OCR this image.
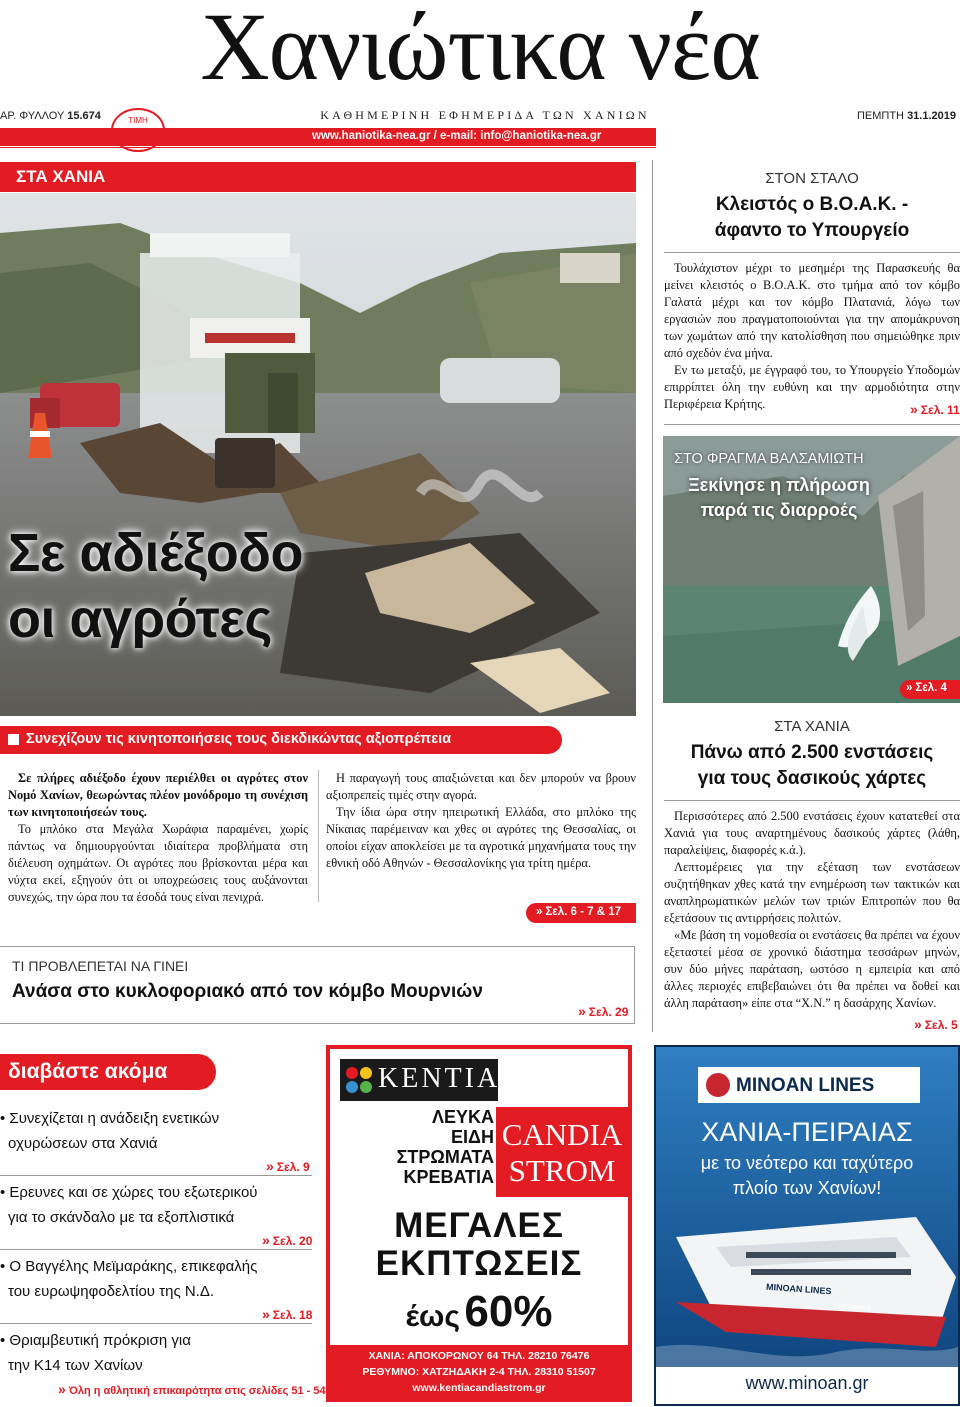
Χανιώτικα νέα
ΑΡ. ΦΥΛΛΟΥ 15.674	ΤΙΜΗ	ΚΑΘΗΜΕΡΙΝΗ ΕΦΗΜΕΡΙΔΑ ΤΩΝ ΧΑΝΙΩΝ	ΠΕΜΠΤΗ 31.1.2019
www.haniotika-nea.gr / e-mail: info@haniotika-nea.gr
ΣΤΑ ΧΑΝΙΑ
Σε αδιέξοδο
οι αγρότες
Συνεχίζουν τις κινητοποιήσεις τους διεκδικώντας αξιοπρέπεια

Σε πλήρες αδιέξοδο έχουν περιέλθει οι αγρότες στον Νομό Χανίων, θεωρώντας πλέον μονόδρομο τη συνέχιση των κινητοποιήσεών τους.

Το μπλόκο στα Μεγάλα Χωράφια παραμένει, χωρίς πάντως να δημιουργούνται ιδιαίτερα προβλήματα στη διέλευση οχημάτων. Οι αγρότες που βρίσκονται μέρα και νύχτα εκεί, εξηγούν ότι οι υποχρεώσεις τους αυξάνονται συνεχώς, την ώρα που τα έσοδά τους είναι πενιχρά.

Η παραγωγή τους απαξιώνεται και δεν μπορούν να βρουν αξιοπρεπείς τιμές στην αγορά.

Την ίδια ώρα στην ηπειρωτική Ελλάδα, στο μπλόκο της Νίκαιας παρέμειναν και χθες οι αγρότες της Θεσσαλίας, οι οποίοι είχαν αποκλείσει με τα αγροτικά μηχανήματα τους την εθνική οδό Αθηνών - Θεσσαλονίκης για τρίτη ημέρα.

» Σελ. 6 - 7 & 17
ΤΙ ΠΡΟΒΛΕΠΕΤΑΙ ΝΑ ΓΙΝΕΙ
Ανάσα στο κυκλοφοριακό από τον κόμβο Μουρνιών
» Σελ. 29
ΣΤΟΝ ΣΤΑΛΟ
Κλειστός ο Β.Ο.Α.Κ. -
άφαντο το Υπουργείο

Τουλάχιστον μέχρι το μεσημέρι της Παρασκευής θα μείνει κλειστός ο Β.Ο.Α.Κ. στο τμήμα από τον κόμβο Γαλατά μέχρι και τον κόμβο Πλατανιά, λόγω των εργασιών που πραγματοποιούνται για την απομάκρυνση των χωμάτων από την κατολίσθηση που σημειώθηκε πριν από σχεδόν ένα μήνα.

Εν τω μεταξύ, με έγγραφό του, το Υπουργείο Υποδομών επιρρίπτει όλη την ευθύνη και την αρμοδιότητα στην Περιφέρεια Κρήτης.	» Σελ. 11
ΣΤΟ ΦΡΑΓΜΑ ΒΑΛΣΑΜΙΩΤΗ
Ξεκίνησε η πλήρωση
παρά τις διαρροές
» Σελ. 4
ΣΤΑ ΧΑΝΙΑ
Πάνω από 2.500 ενστάσεις
για τους δασικούς χάρτες

Περισσότερες από 2.500 ενστάσεις έχουν κατατεθεί στα Χανιά για τους αναρτημένους δασικούς χάρτες (λάθη, παραλείψεις, διαφορές κ.ά.).

Λεπτομέρειες για την εξέταση των ενστάσεων συζητήθηκαν χθες κατά την ενημέρωση των τακτικών και αναπληρωματικών μελών των τριών Επιτροπών που θα εξετάσουν τις αντιρρήσεις πολιτών.

«Με βάση τη νομοθεσία οι ενστάσεις θα πρέπει να έχουν εξεταστεί μέσα σε χρονικό διάστημα τεσσάρων μηνών, συν δύο μήνες παράταση, ωστόσο η εμπειρία και από άλλες περιοχές επιβεβαιώνει ότι θα πρέπει να δοθεί και άλλη παράταση» είπε στα “Χ.Ν.” η δασάρχης Χανίων.

» Σελ. 5
διαβάστε ακόμα
• Συνεχίζεται η ανάδειξη ενετικών
οχυρώσεων στα Χανιά
» Σελ. 9
• Ερευνες και σε χώρες του εξωτερικού
για το σκάνδαλο με τα εξοπλιστικά
» Σελ. 20
• Ο Βαγγέλης Μεϊμαράκης, επικεφαλής
του ευρωψηφοδελτίου της Ν.Δ.
» Σελ. 18
• Θριαμβευτική πρόκριση για
την Κ14 των Χανίων
» Όλη η αθλητική επικαιρότητα στις σελίδες 51 - 54
KENTIA
ΛΕΥΚΑ
ΕΙΔΗ
ΣΤΡΩΜΑΤΑ
ΚΡΕΒΑΤΙΑ
CANDIA
STROM
ΜΕΓΑΛΕΣ
ΕΚΠΤΩΣΕΙΣ
έως 60%
ΧΑΝΙΑ: ΑΠΟΚΟΡΩΝΟΥ 64 ΤΗΛ. 28210 76476
ΡΕΘΥΜΝΟ: ΧΑΤΖΗΔΑΚΗ 2-4 ΤΗΛ. 28310 51507
www.kentiacandiastrom.gr
MINOAN LINES
ΧΑΝΙΑ-ΠΕΙΡΑΙΑΣ
με το νεότερο και ταχύτερο
πλοίο των Χανίων!
MINOAN LINES
highspeed
www.minoan.gr
